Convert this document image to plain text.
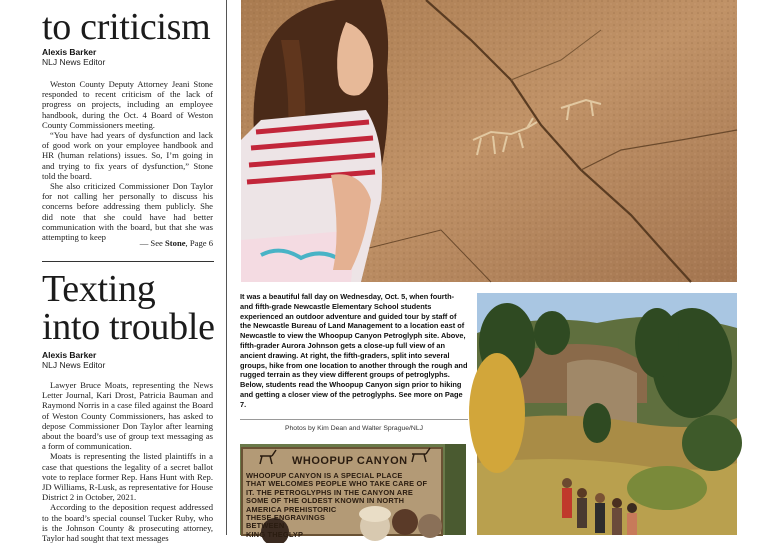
to criticism
Alexis Barker
NLJ News Editor

Weston County Deputy Attorney Jeani Stone responded to recent criticism of the lack of progress on projects, including an employee handbook, during the Oct. 4 Board of Weston County Commissioners meeting.

“You have had years of dysfunction and lack of good work on your employee handbook and HR (human relations) issues. So, I’m going in and trying to fix years of dysfunction,” Stone told the board.

She also criticized Commissioner Don Taylor for not calling her personally to discuss his concerns before addressing them publicly. She did note that she could have had better communication with the board, but that she was attempting to keep

— See Stone, Page 6
Texting
into trouble
Alexis Barker
NLJ News Editor

Lawyer Bruce Moats, representing the News Letter Journal, Kari Drost, Patricia Bauman and Raymond Norris in a case filed against the Board of Weston County Commissioners, has asked to depose Commissioner Don Taylor after learning about the board’s use of group text messaging as a form of communication.

Moats is representing the listed plaintiffs in a case that questions the legality of a secret ballot vote to replace former Rep. Hans Hunt with Rep. JD Williams, R-Lusk, as representative for House District 2 in October, 2021.

According to the deposition request addressed to the board’s special counsel Tucker Ruby, who is the Johnson County & prosecuting attorney, Taylor had sought that text messages

It was a beautiful fall day on Wednesday, Oct. 5, when fourth- and fifth-grade Newcastle Elementary School students experienced an outdoor adventure and guided tour by staff of the Newcastle Bureau of Land Management to a location east of Newcastle to view the Whoopup Canyon Petroglyph site. Above, fifth-grader Aurora Johnson gets a close-up full view of an ancient drawing. At right, the fifth-graders, split into several groups, hike from one location to another through the rough and rugged terrain as they view different groups of petroglyphs. Below, students read the Whoopup Canyon sign prior to hiking and getting a closer view of the petroglyphs. See more on Page 7.
Photos by Kim Dean and Walter Sprague/NLJ
WHOOPUP CANYON
WHOOPUP CANYON IS A SPECIAL PLACE
THAT WELCOMES PEOPLE WHO TAKE CARE OF
IT. THE PETROGLYPHS IN THE CANYON ARE
SOME OF THE OLDEST KNOWN IN NORTH
AMERICA PREHISTORIC
THESE ENGRAVINGS
BETWEEN
KING THEGLYP
